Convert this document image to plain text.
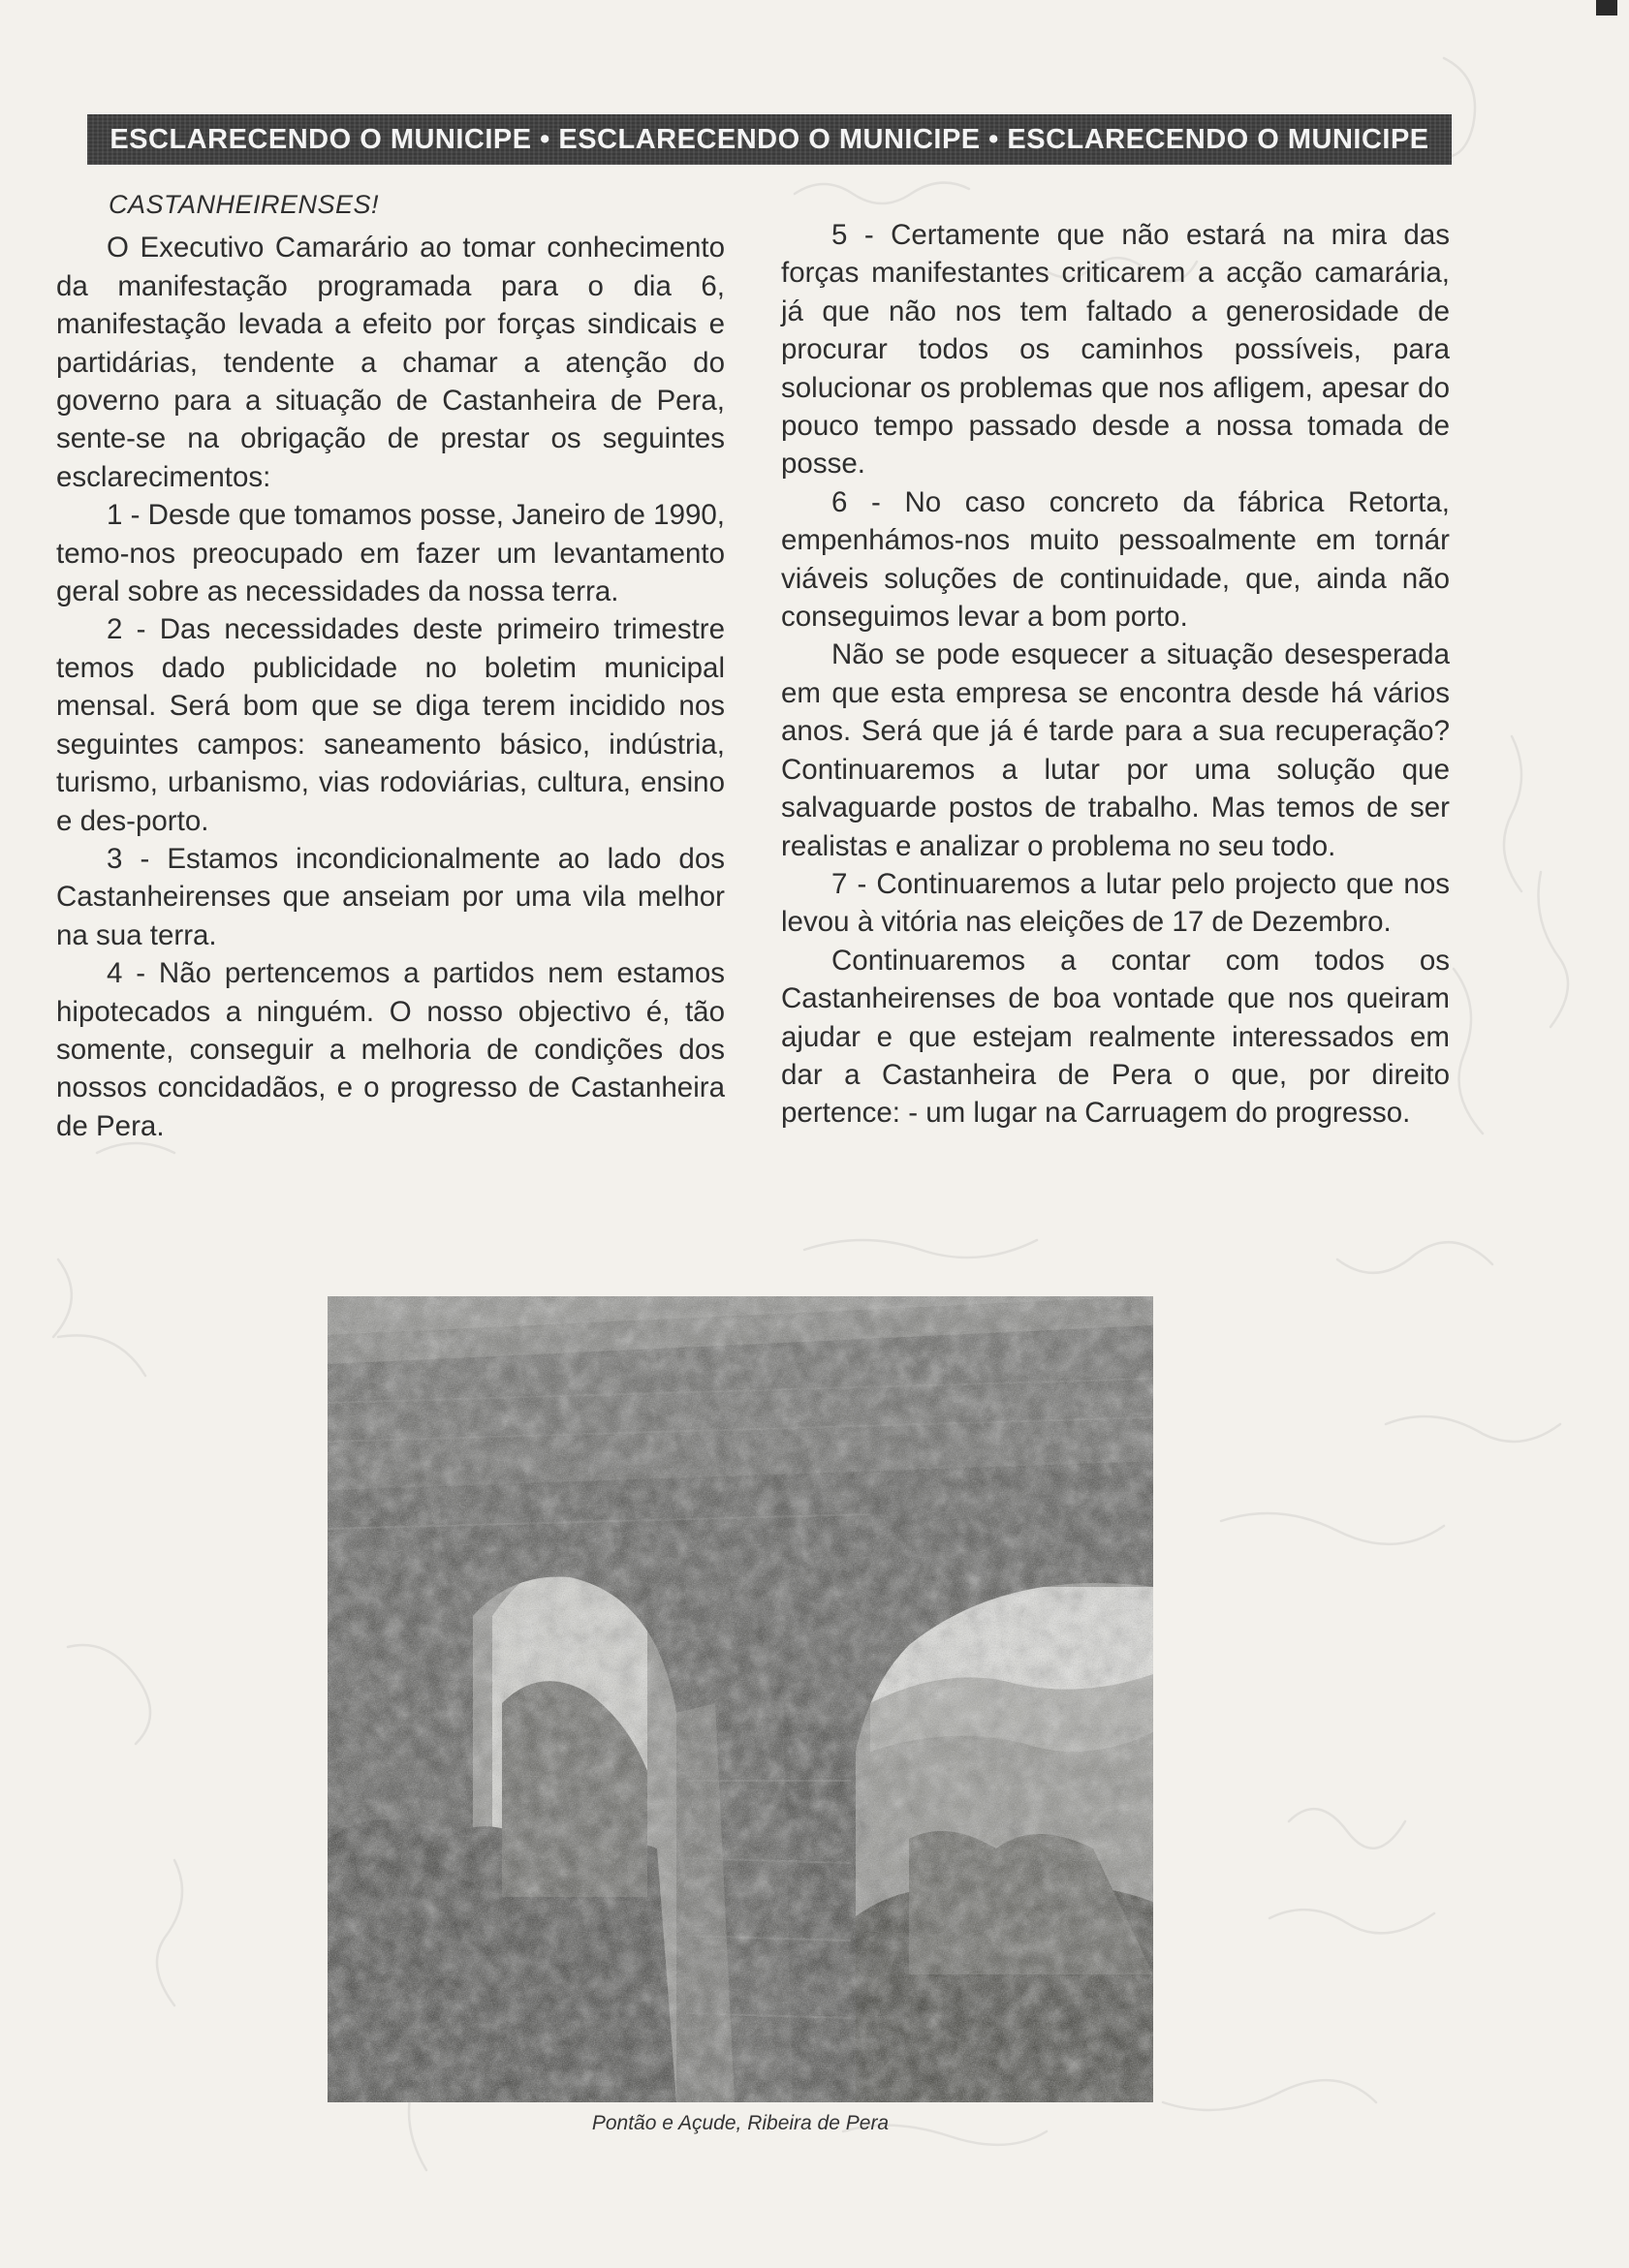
ESCLARECENDO O MUNICIPE • ESCLARECENDO O MUNICIPE • ESCLARECENDO O MUNICIPE

CASTANHEIRENSES!

O Executivo Camarário ao tomar conhecimento da manifestação programada para o dia 6, manifestação levada a efeito por forças sindicais e partidárias, tendente a chamar a atenção do governo para a situação de Castanheira de Pera, sente-se na obrigação de prestar os seguintes esclarecimentos:

1 - Desde que tomamos posse, Janeiro de 1990, temo-nos preocupado em fazer um levantamento geral sobre as necessidades da nossa terra.

2 - Das necessidades deste primeiro trimestre temos dado publicidade no boletim municipal mensal. Será bom que se diga terem incidido nos seguintes campos: saneamento básico, indústria, turismo, urbanismo, vias rodoviárias, cultura, ensino e des-porto.

3 - Estamos incondicionalmente ao lado dos Castanheirenses que anseiam por uma vila melhor na sua terra.

4 - Não pertencemos a partidos nem estamos hipotecados a ninguém. O nosso objectivo é, tão somente, conseguir a melhoria de condições dos nossos concidadãos, e o progresso de Castanheira de Pera.

5 - Certamente que não estará na mira das forças manifestantes criticarem a acção camarária, já que não nos tem faltado a generosidade de procurar todos os caminhos possíveis, para solucionar os problemas que nos afligem, apesar do pouco tempo passado desde a nossa tomada de posse.

6 - No caso concreto da fábrica Retorta, empenhámos-nos muito pessoalmente em tornár viáveis soluções de continuidade, que, ainda não conseguimos levar a bom porto.

Não se pode esquecer a situação desesperada em que esta empresa se encontra desde há vários anos. Será que já é tarde para a sua recuperação? Continuaremos a lutar por uma solução que salvaguarde postos de trabalho. Mas temos de ser realistas e analizar o problema no seu todo.

7 - Continuaremos a lutar pelo projecto que nos levou à vitória nas eleições de 17 de Dezembro.

Continuaremos a contar com todos os Castanheirenses de boa vontade que nos queiram ajudar e que estejam realmente interessados em dar a Castanheira de Pera o que, por direito pertence: - um lugar na Carruagem do progresso.

Pontão e Açude, Ribeira de Pera
